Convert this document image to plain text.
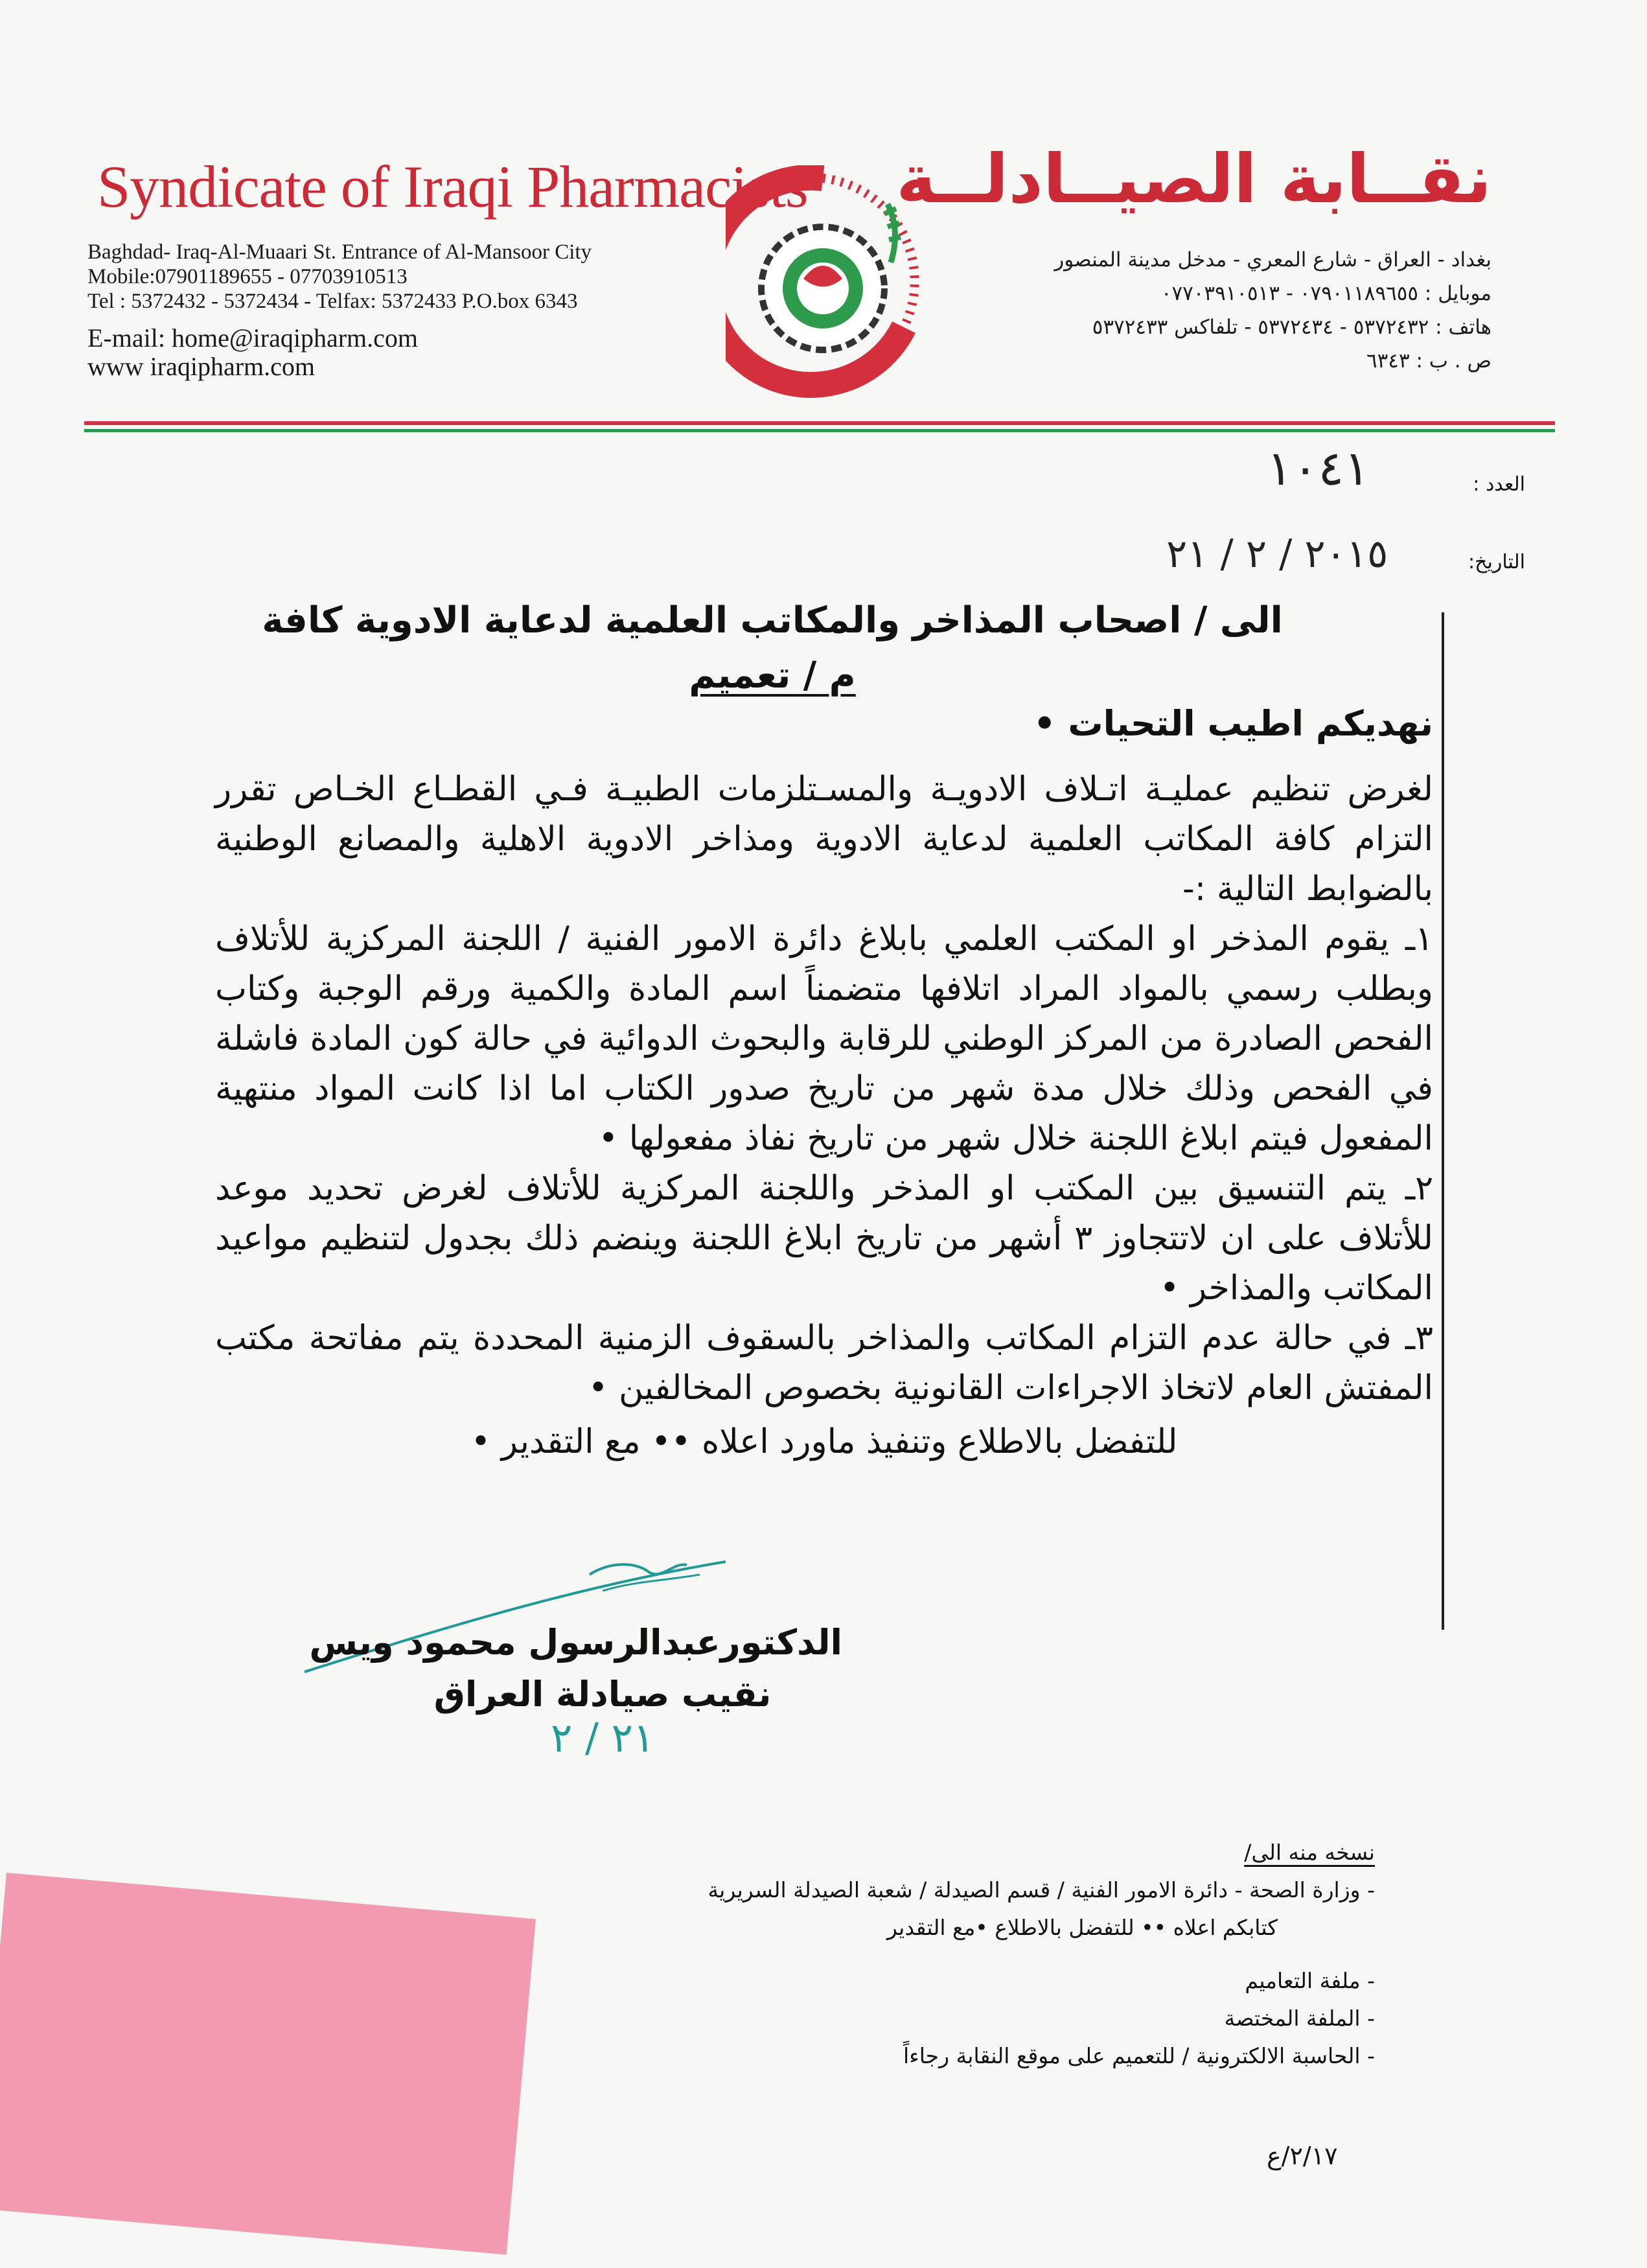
Syndicate of Iraqi Pharmacists
Baghdad- Iraq-Al-Muaari St. Entrance of Al-Mansoor City
Mobile:07901189655 - 07703910513
Tel : 5372432 - 5372434 - Telfax: 5372433 P.O.box 6343
E-mail: home@iraqipharm.com
www iraqipharm.com
نقــابة الصيــادلــة
بغداد - العراق - شارع المعري - مدخل مدينة المنصور
موبايل : ٠٧٩٠١١٨٩٦٥٥ - ٠٧٧٠٣٩١٠٥١٣
هاتف : ٥٣٧٢٤٣٢ - ٥٣٧٢٤٣٤ - تلفاكس ٥٣٧٢٤٣٣
ص . ب : ٦٣٤٣
العدد :
١٠٤١
التاريخ:
٢٠١٥ / ٢ / ٢١
الى / اصحاب المذاخر والمكاتب العلمية لدعاية الادوية كافة
م / تعميم
نهديكم اطيب التحيات •

لغرض تنظيم عمليـة اتـلاف الادويـة والمسـتلزمات الطبيـة فـي القطـاع الخـاص تقرر التزام كافة المكاتب العلمية لدعاية الادوية ومذاخر الادوية الاهلية والمصانع الوطنية بالضوابط التالية :-

١ـ يقوم المذخر او المكتب العلمي بابلاغ دائرة الامور الفنية / اللجنة المركزية للأتلاف وبطلب رسمي بالمواد المراد اتلافها متضمناً اسم المادة والكمية ورقم الوجبة وكتاب الفحص الصادرة من المركز الوطني للرقابة والبحوث الدوائية في حالة كون المادة فاشلة في الفحص وذلك خلال مدة شهر من تاريخ صدور الكتاب اما اذا كانت المواد منتهية المفعول فيتم ابلاغ اللجنة خلال شهر من تاريخ نفاذ مفعولها •

٢ـ يتم التنسيق بين المكتب او المذخر واللجنة المركزية للأتلاف لغرض تحديد موعد للأتلاف على ان لاتتجاوز ٣ أشهر من تاريخ ابلاغ اللجنة وينضم ذلك بجدول لتنظيم مواعيد المكاتب والمذاخر •

٣ـ في حالة عدم التزام المكاتب والمذاخر بالسقوف الزمنية المحددة يتم مفاتحة مكتب المفتش العام لاتخاذ الاجراءات القانونية بخصوص المخالفين •

للتفضل بالاطلاع وتنفيذ ماورد اعلاه •• مع التقدير •

الدكتورعبدالرسول محمود ويس
نقيب صيادلة العراق
٢١ / ٢
نسخه منه الى/
- وزارة الصحة - دائرة الامور الفنية / قسم الصيدلة / شعبة الصيدلة السريرية
كتابكم اعلاه •• للتفضل بالاطلاع •مع التقدير
- ملفة التعاميم
- الملفة المختصة
- الحاسبة الالكترونية / للتعميم على موقع النقابة رجاءاً
٢/١٧/ع
